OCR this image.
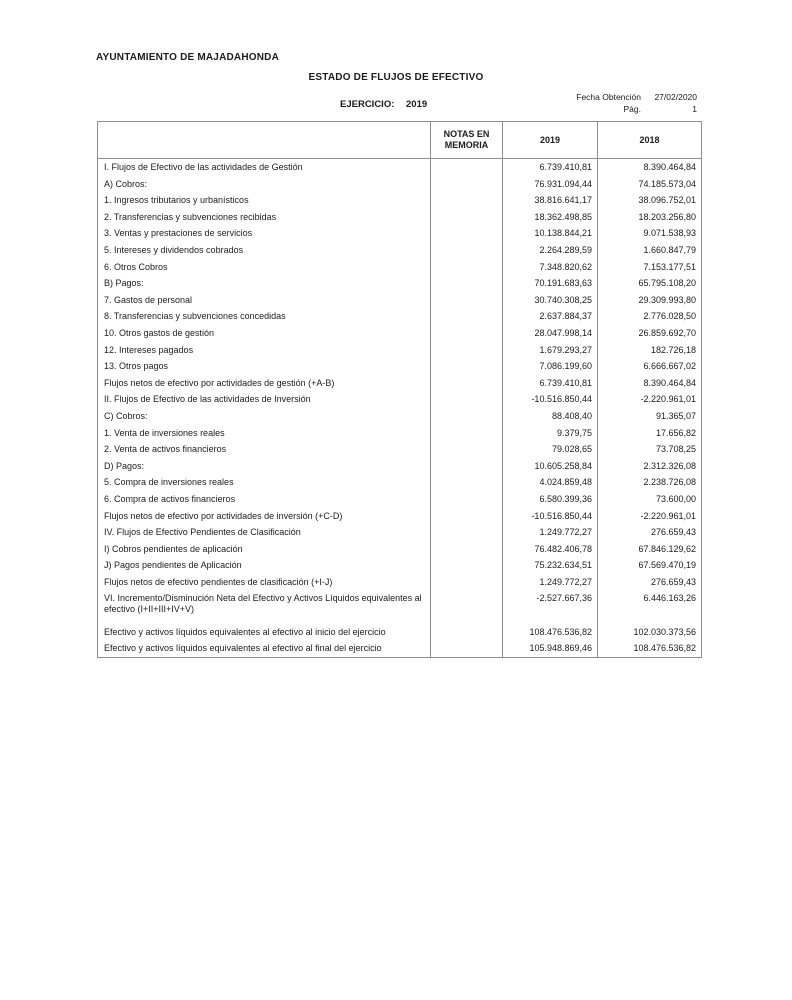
AYUNTAMIENTO DE MAJADAHONDA
ESTADO DE FLUJOS DE EFECTIVO
Fecha Obtención	27/02/2020
Pág.	1
EJERCICIO: 2019
NOTAS EN MEMORIA
2019	2018
I. Flujos de Efectivo de las actividades de Gestión	6.739.410,81	8.390.464,84
A) Cobros:	76.931.094,44	74.185.573,04
1. Ingresos tributarios y urbanísticos	38.816.641,17	38.096.752,01
2. Transferencias y subvenciones recibidas	18.362.498,85	18.203.256,80
3. Ventas y prestaciones de servicios	10.138.844,21	9.071.538,93
5. Intereses y dividendos cobrados	2.264.289,59	1.660.847,79
6. Otros Cobros	7.348.820,62	7.153.177,51
B) Pagos:	70.191.683,63	65.795.108,20
7. Gastos de personal	30.740.308,25	29.309.993,80
8. Transferencias y subvenciones concedidas	2.637.884,37	2.776.028,50
10. Otros gastos de gestión	28.047.998,14	26.859.692,70
12. Intereses pagados	1.679.293,27	182.726,18
13. Otros pagos	7.086.199,60	6.666.667,02
Flujos netos de efectivo por actividades de gestión (+A-B)	6.739.410,81	8.390.464,84
II. Flujos de Efectivo de las actividades de Inversión	-10.516.850,44	-2.220.961,01
C) Cobros:	88.408,40	91.365,07
1. Venta de inversiones reales	9.379,75	17.656,82
2. Venta de activos financieros	79.028,65	73.708,25
D) Pagos:	10.605.258,84	2.312.326,08
5. Compra de inversiones reales	4.024.859,48	2.238.726,08
6. Compra de activos financieros	6.580.399,36	73.600,00
Flujos netos de efectivo por actividades de inversión (+C-D)	-10.516.850,44	-2.220.961,01
IV. Flujos de Efectivo Pendientes de Clasificación	1.249.772,27	276.659,43
I) Cobros pendientes de aplicación	76.482.406,78	67.846.129,62
J) Pagos pendientes de Aplicación	75.232.634,51	67.569.470,19
Flujos netos de efectivo pendientes de clasificación (+I-J)	1.249.772,27	276.659,43
VI. Incremento/Disminución Neta del Efectivo y Activos Líquidos equivalentes al efectivo (I+II+III+IV+V)
-2.527.667,36	6.446.163,26
Efectivo y activos líquidos equivalentes al efectivo al inicio del ejercicio	108.476.536,82	102.030.373,56
Efectivo y activos líquidos equivalentes al efectivo al final del ejercicio	105.948.869,46	108.476.536,82
